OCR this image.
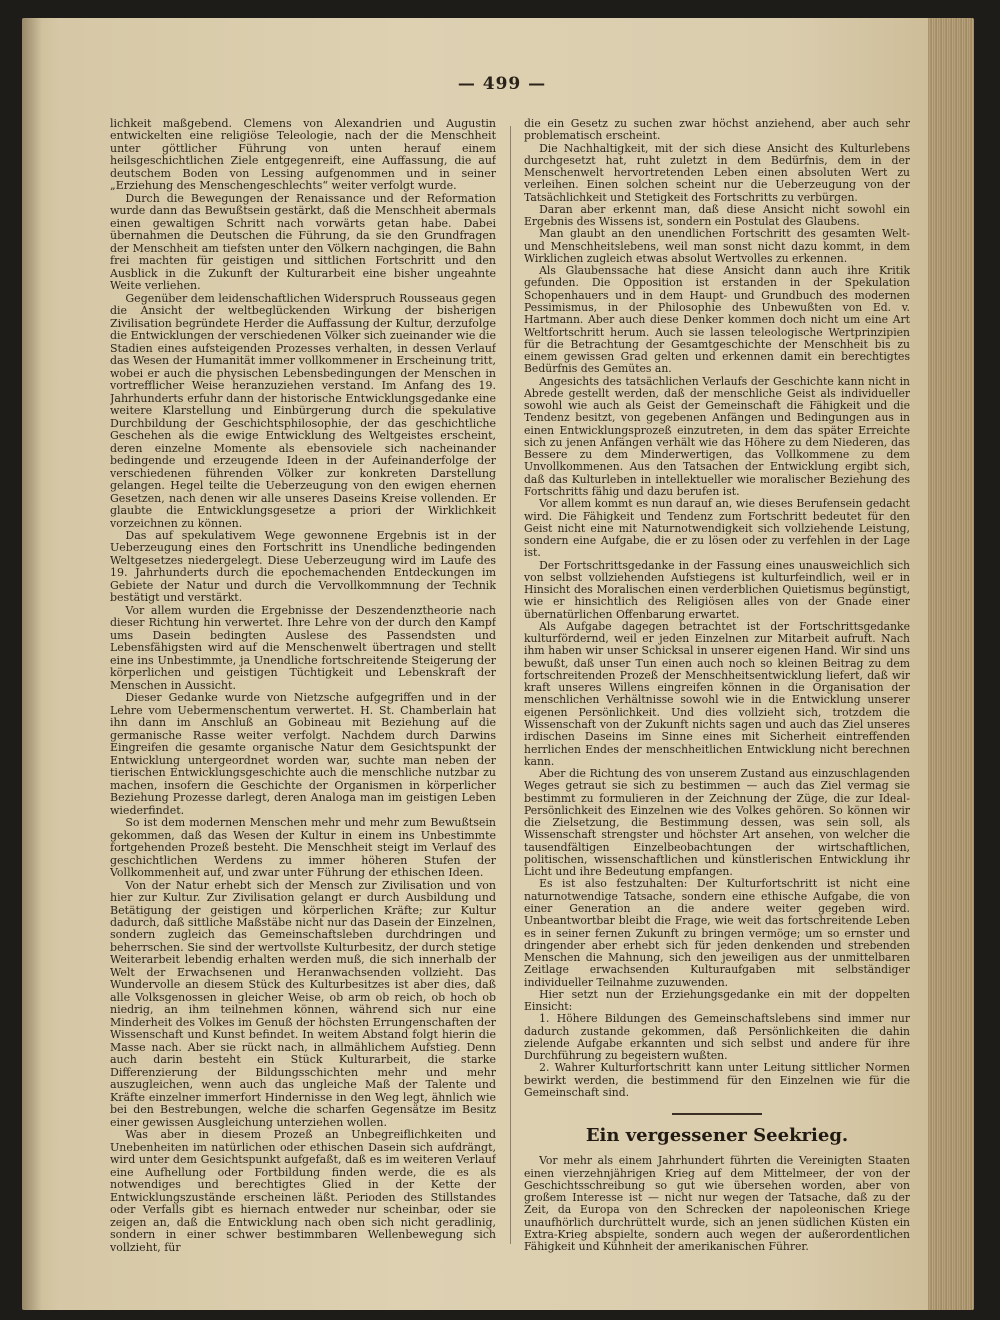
— 499 —

lichkeit maßgebend. Clemens von Alexandrien und Augustin entwickelten eine religiöse Teleologie, nach der die Menschheit unter göttlicher Führung von unten herauf einem heilsgeschichtlichen Ziele entgegenreift, eine Auffassung, die auf deutschem Boden von Lessing aufgenommen und in seiner „Erziehung des Menschengeschlechts“ weiter verfolgt wurde.

Durch die Bewegungen der Renaissance und der Reformation wurde dann das Bewußtsein gestärkt, daß die Menschheit abermals einen gewaltigen Schritt nach vorwärts getan habe. Dabei übernahmen die Deutschen die Führung, da sie den Grundfragen der Menschheit am tiefsten unter den Völkern nachgingen, die Bahn frei machten für geistigen und sittlichen Fortschritt und den Ausblick in die Zukunft der Kulturarbeit eine bisher ungeahnte Weite verliehen.

Gegenüber dem leidenschaftlichen Widerspruch Rousseaus gegen die Ansicht der weltbeglückenden Wirkung der bisherigen Zivilisation begründete Herder die Auffassung der Kultur, derzufolge die Entwicklungen der verschiedenen Völker sich zueinander wie die Stadien eines aufsteigenden Prozesses verhalten, in dessen Verlauf das Wesen der Humanität immer vollkommener in Erscheinung tritt, wobei er auch die physischen Lebensbedingungen der Menschen in vortrefflicher Weise heranzuziehen verstand. Im Anfang des 19. Jahrhunderts erfuhr dann der historische Entwicklungsgedanke eine weitere Klarstellung und Einbürgerung durch die spekulative Durchbildung der Geschichtsphilosophie, der das geschichtliche Geschehen als die ewige Entwicklung des Weltgeistes erscheint, deren einzelne Momente als ebensoviele sich nacheinander bedingende und erzeugende Ideen in der Aufeinanderfolge der verschiedenen führenden Völker zur konkreten Darstellung gelangen. Hegel teilte die Ueberzeugung von den ewigen ehernen Gesetzen, nach denen wir alle unseres Daseins Kreise vollenden. Er glaubte die Entwicklungsgesetze a priori der Wirklichkeit vorzeichnen zu können.

Das auf spekulativem Wege gewonnene Ergebnis ist in der Ueberzeugung eines den Fortschritt ins Unendliche bedingenden Weltgesetzes niedergelegt. Diese Ueberzeugung wird im Laufe des 19. Jahrhunderts durch die epochemachenden Entdeckungen im Gebiete der Natur und durch die Vervollkommnung der Technik bestätigt und verstärkt.

Vor allem wurden die Ergebnisse der Deszendenztheorie nach dieser Richtung hin verwertet. Ihre Lehre von der durch den Kampf ums Dasein bedingten Auslese des Passendsten und Lebensfähigsten wird auf die Menschenwelt übertragen und stellt eine ins Unbestimmte, ja Unendliche fortschreitende Steigerung der körperlichen und geistigen Tüchtigkeit und Lebenskraft der Menschen in Aussicht.

Dieser Gedanke wurde von Nietzsche aufgegriffen und in der Lehre vom Uebermenschentum verwertet. H. St. Chamberlain hat ihn dann im Anschluß an Gobineau mit Beziehung auf die germanische Rasse weiter verfolgt. Nachdem durch Darwins Eingreifen die gesamte organische Natur dem Gesichtspunkt der Entwicklung untergeordnet worden war, suchte man neben der tierischen Entwicklungsgeschichte auch die menschliche nutzbar zu machen, insofern die Geschichte der Organismen in körperlicher Beziehung Prozesse darlegt, deren Analoga man im geistigen Leben wiederfindet.

So ist dem modernen Menschen mehr und mehr zum Bewußtsein gekommen, daß das Wesen der Kultur in einem ins Unbestimmte fortgehenden Prozeß besteht. Die Menschheit steigt im Verlauf des geschichtlichen Werdens zu immer höheren Stufen der Vollkommenheit auf, und zwar unter Führung der ethischen Ideen.

Von der Natur erhebt sich der Mensch zur Zivilisation und von hier zur Kultur. Zur Zivilisation gelangt er durch Ausbildung und Betätigung der geistigen und körperlichen Kräfte; zur Kultur dadurch, daß sittliche Maßstäbe nicht nur das Dasein der Einzelnen, sondern zugleich das Gemeinschaftsleben durchdringen und beherrschen. Sie sind der wertvollste Kulturbesitz, der durch stetige Weiterarbeit lebendig erhalten werden muß, die sich innerhalb der Welt der Erwachsenen und Heranwachsenden vollzieht. Das Wundervolle an diesem Stück des Kulturbesitzes ist aber dies, daß alle Volksgenossen in gleicher Weise, ob arm ob reich, ob hoch ob niedrig, an ihm teilnehmen können, während sich nur eine Minderheit des Volkes im Genuß der höchsten Errungenschaften der Wissenschaft und Kunst befindet. In weitem Abstand folgt hierin die Masse nach. Aber sie rückt nach, in allmählichem Aufstieg. Denn auch darin besteht ein Stück Kulturarbeit, die starke Differenzierung der Bildungsschichten mehr und mehr auszugleichen, wenn auch das ungleiche Maß der Talente und Kräfte einzelner immerfort Hindernisse in den Weg legt, ähnlich wie bei den Bestrebungen, welche die scharfen Gegensätze im Besitz einer gewissen Ausgleichung unterziehen wollen.

Was aber in diesem Prozeß an Unbegreiflichkeiten und Unebenheiten im natürlichen oder ethischen Dasein sich aufdrängt, wird unter dem Gesichtspunkt aufgefaßt, daß es im weiteren Verlauf eine Aufhellung oder Fortbildung finden werde, die es als notwendiges und berechtigtes Glied in der Kette der Entwicklungszustände erscheinen läßt. Perioden des Stillstandes oder Verfalls gibt es hiernach entweder nur scheinbar, oder sie zeigen an, daß die Entwicklung nach oben sich nicht geradlinig, sondern in einer schwer bestimmbaren Wellenbewegung sich vollzieht, für

die ein Gesetz zu suchen zwar höchst anziehend, aber auch sehr problematisch erscheint.

Die Nachhaltigkeit, mit der sich diese Ansicht des Kulturlebens durchgesetzt hat, ruht zuletzt in dem Bedürfnis, dem in der Menschenwelt hervortretenden Leben einen absoluten Wert zu verleihen. Einen solchen scheint nur die Ueberzeugung von der Tatsächlichkeit und Stetigkeit des Fortschritts zu verbürgen.

Daran aber erkennt man, daß diese Ansicht nicht sowohl ein Ergebnis des Wissens ist, sondern ein Postulat des Glaubens.

Man glaubt an den unendlichen Fortschritt des gesamten Welt- und Menschheitslebens, weil man sonst nicht dazu kommt, in dem Wirklichen zugleich etwas absolut Wertvolles zu erkennen.

Als Glaubenssache hat diese Ansicht dann auch ihre Kritik gefunden. Die Opposition ist erstanden in der Spekulation Schopenhauers und in dem Haupt- und Grundbuch des modernen Pessimismus, in der Philosophie des Unbewußten von Ed. v. Hartmann. Aber auch diese Denker kommen doch nicht um eine Art Weltfortschritt herum. Auch sie lassen teleologische Wertprinzipien für die Betrachtung der Gesamtgeschichte der Menschheit bis zu einem gewissen Grad gelten und erkennen damit ein berechtigtes Bedürfnis des Gemütes an.

Angesichts des tatsächlichen Verlaufs der Geschichte kann nicht in Abrede gestellt werden, daß der menschliche Geist als individueller sowohl wie auch als Geist der Gemeinschaft die Fähigkeit und die Tendenz besitzt, von gegebenen Anfängen und Bedingungen aus in einen Entwicklungsprozeß einzutreten, in dem das später Erreichte sich zu jenen Anfängen verhält wie das Höhere zu dem Niederen, das Bessere zu dem Minderwertigen, das Vollkommene zu dem Unvollkommenen. Aus den Tatsachen der Entwicklung ergibt sich, daß das Kulturleben in intellektueller wie moralischer Beziehung des Fortschritts fähig und dazu berufen ist.

Vor allem kommt es nun darauf an, wie dieses Berufensein gedacht wird. Die Fähigkeit und Tendenz zum Fortschritt bedeutet für den Geist nicht eine mit Naturnotwendigkeit sich vollziehende Leistung, sondern eine Aufgabe, die er zu lösen oder zu verfehlen in der Lage ist.

Der Fortschrittsgedanke in der Fassung eines unausweichlich sich von selbst vollziehenden Aufstiegens ist kulturfeindlich, weil er in Hinsicht des Moralischen einen verderblichen Quietismus begünstigt, wie er hinsichtlich des Religiösen alles von der Gnade einer übernatürlichen Offenbarung erwartet.

Als Aufgabe dagegen betrachtet ist der Fortschrittsgedanke kulturfördernd, weil er jeden Einzelnen zur Mitarbeit aufruft. Nach ihm haben wir unser Schicksal in unserer eigenen Hand. Wir sind uns bewußt, daß unser Tun einen auch noch so kleinen Beitrag zu dem fortschreitenden Prozeß der Menschheitsentwicklung liefert, daß wir kraft unseres Willens eingreifen können in die Organisation der menschlichen Verhältnisse sowohl wie in die Entwicklung unserer eigenen Persönlichkeit. Und dies vollzieht sich, trotzdem die Wissenschaft von der Zukunft nichts sagen und auch das Ziel unseres irdischen Daseins im Sinne eines mit Sicherheit eintreffenden herrlichen Endes der menschheitlichen Entwicklung nicht berechnen kann.

Aber die Richtung des von unserem Zustand aus einzuschlagenden Weges getraut sie sich zu bestimmen — auch das Ziel vermag sie bestimmt zu formulieren in der Zeichnung der Züge, die zur Ideal-Persönlichkeit des Einzelnen wie des Volkes gehören. So können wir die Zielsetzung, die Bestimmung dessen, was sein soll, als Wissenschaft strengster und höchster Art ansehen, von welcher die tausendfältigen Einzelbeobachtungen der wirtschaftlichen, politischen, wissenschaftlichen und künstlerischen Entwicklung ihr Licht und ihre Bedeutung empfangen.

Es ist also festzuhalten: Der Kulturfortschritt ist nicht eine naturnotwendige Tatsache, sondern eine ethische Aufgabe, die von einer Generation an die andere weiter gegeben wird. Unbeantwortbar bleibt die Frage, wie weit das fortschreitende Leben es in seiner fernen Zukunft zu bringen vermöge; um so ernster und dringender aber erhebt sich für jeden denkenden und strebenden Menschen die Mahnung, sich den jeweiligen aus der unmittelbaren Zeitlage erwachsenden Kulturaufgaben mit selbständiger individueller Teilnahme zuzuwenden.

Hier setzt nun der Erziehungsgedanke ein mit der doppelten Einsicht:

1. Höhere Bildungen des Gemeinschaftslebens sind immer nur dadurch zustande gekommen, daß Persönlichkeiten die dahin zielende Aufgabe erkannten und sich selbst und andere für ihre Durchführung zu begeistern wußten.

2. Wahrer Kulturfortschritt kann unter Leitung sittlicher Normen bewirkt werden, die bestimmend für den Einzelnen wie für die Gemeinschaft sind.

Ein vergessener Seekrieg.

Vor mehr als einem Jahrhundert führten die Vereinigten Staaten einen vierzehnjährigen Krieg auf dem Mittelmeer, der von der Geschichtsschreibung so gut wie übersehen worden, aber von großem Interesse ist — nicht nur wegen der Tatsache, daß zu der Zeit, da Europa von den Schrecken der napoleonischen Kriege unaufhörlich durchrüttelt wurde, sich an jenen südlichen Küsten ein Extra-Krieg abspielte, sondern auch wegen der außerordentlichen Fähigkeit und Kühnheit der amerikanischen Führer.
